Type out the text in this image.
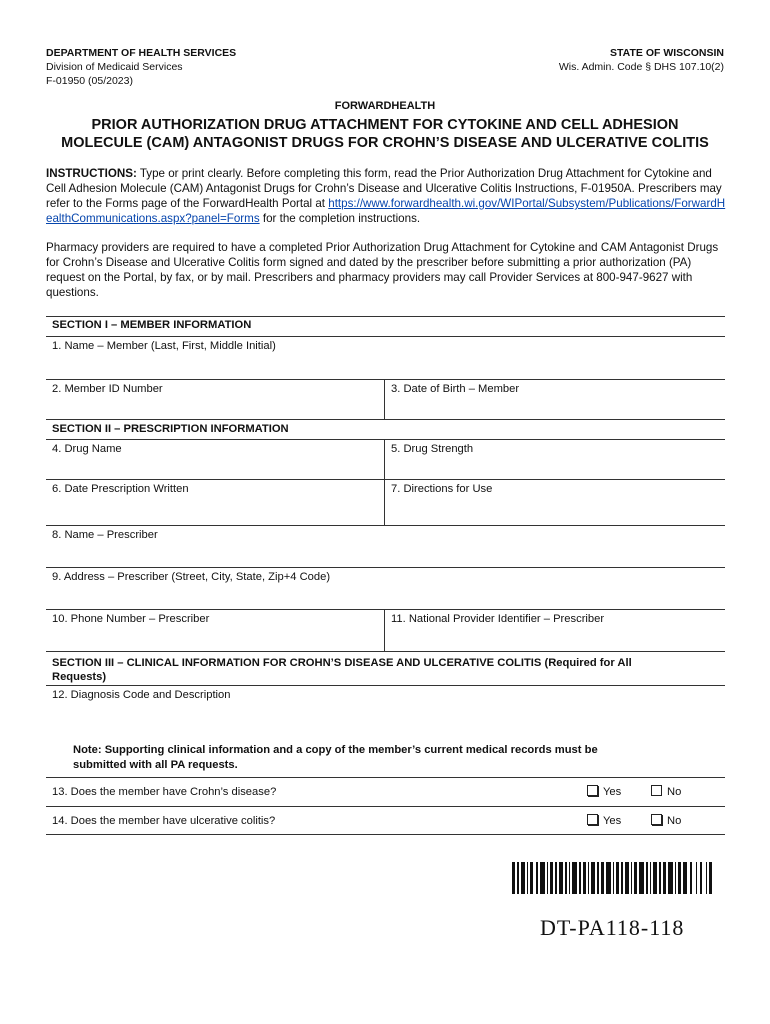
DEPARTMENT OF HEALTH SERVICES
Division of Medicaid Services
F-01950 (05/2023)
STATE OF WISCONSIN
Wis. Admin. Code § DHS 107.10(2)
FORWARDHEALTH
PRIOR AUTHORIZATION DRUG ATTACHMENT FOR CYTOKINE AND CELL ADHESION
MOLECULE (CAM) ANTAGONIST DRUGS FOR CROHN’S DISEASE AND ULCERATIVE COLITIS
INSTRUCTIONS: Type or print clearly. Before completing this form, read the Prior Authorization Drug Attachment for Cytokine and Cell Adhesion Molecule (CAM) Antagonist Drugs for Crohn’s Disease and Ulcerative Colitis Instructions, F-01950A. Prescribers may refer to the Forms page of the ForwardHealth Portal at https://www.forwardhealth.wi.gov/WIPortal/Subsystem/Publications/ForwardHealthCommunications.aspx?panel=Forms for the completion instructions.
Pharmacy providers are required to have a completed Prior Authorization Drug Attachment for Cytokine and CAM Antagonist Drugs for Crohn’s Disease and Ulcerative Colitis form signed and dated by the prescriber before submitting a prior authorization (PA) request on the Portal, by fax, or by mail. Prescribers and pharmacy providers may call Provider Services at 800-947-9627 with questions.
SECTION I – MEMBER INFORMATION
1. Name – Member (Last, First, Middle Initial)
2. Member ID Number	3. Date of Birth – Member
SECTION II – PRESCRIPTION INFORMATION
4. Drug Name	5. Drug Strength
6. Date Prescription Written	7. Directions for Use
8. Name – Prescriber
9. Address – Prescriber (Street, City, State, Zip+4 Code)
10. Phone Number – Prescriber	11. National Provider Identifier – Prescriber
SECTION III – CLINICAL INFORMATION FOR CROHN’S DISEASE AND ULCERATIVE COLITIS (Required for All
Requests)
12. Diagnosis Code and Description
Note: Supporting clinical information and a copy of the member’s current medical records must be
submitted with all PA requests.
13. Does the member have Crohn’s disease?	Yes	No
14. Does the member have ulcerative colitis?	Yes	No
DT-PA118-118
